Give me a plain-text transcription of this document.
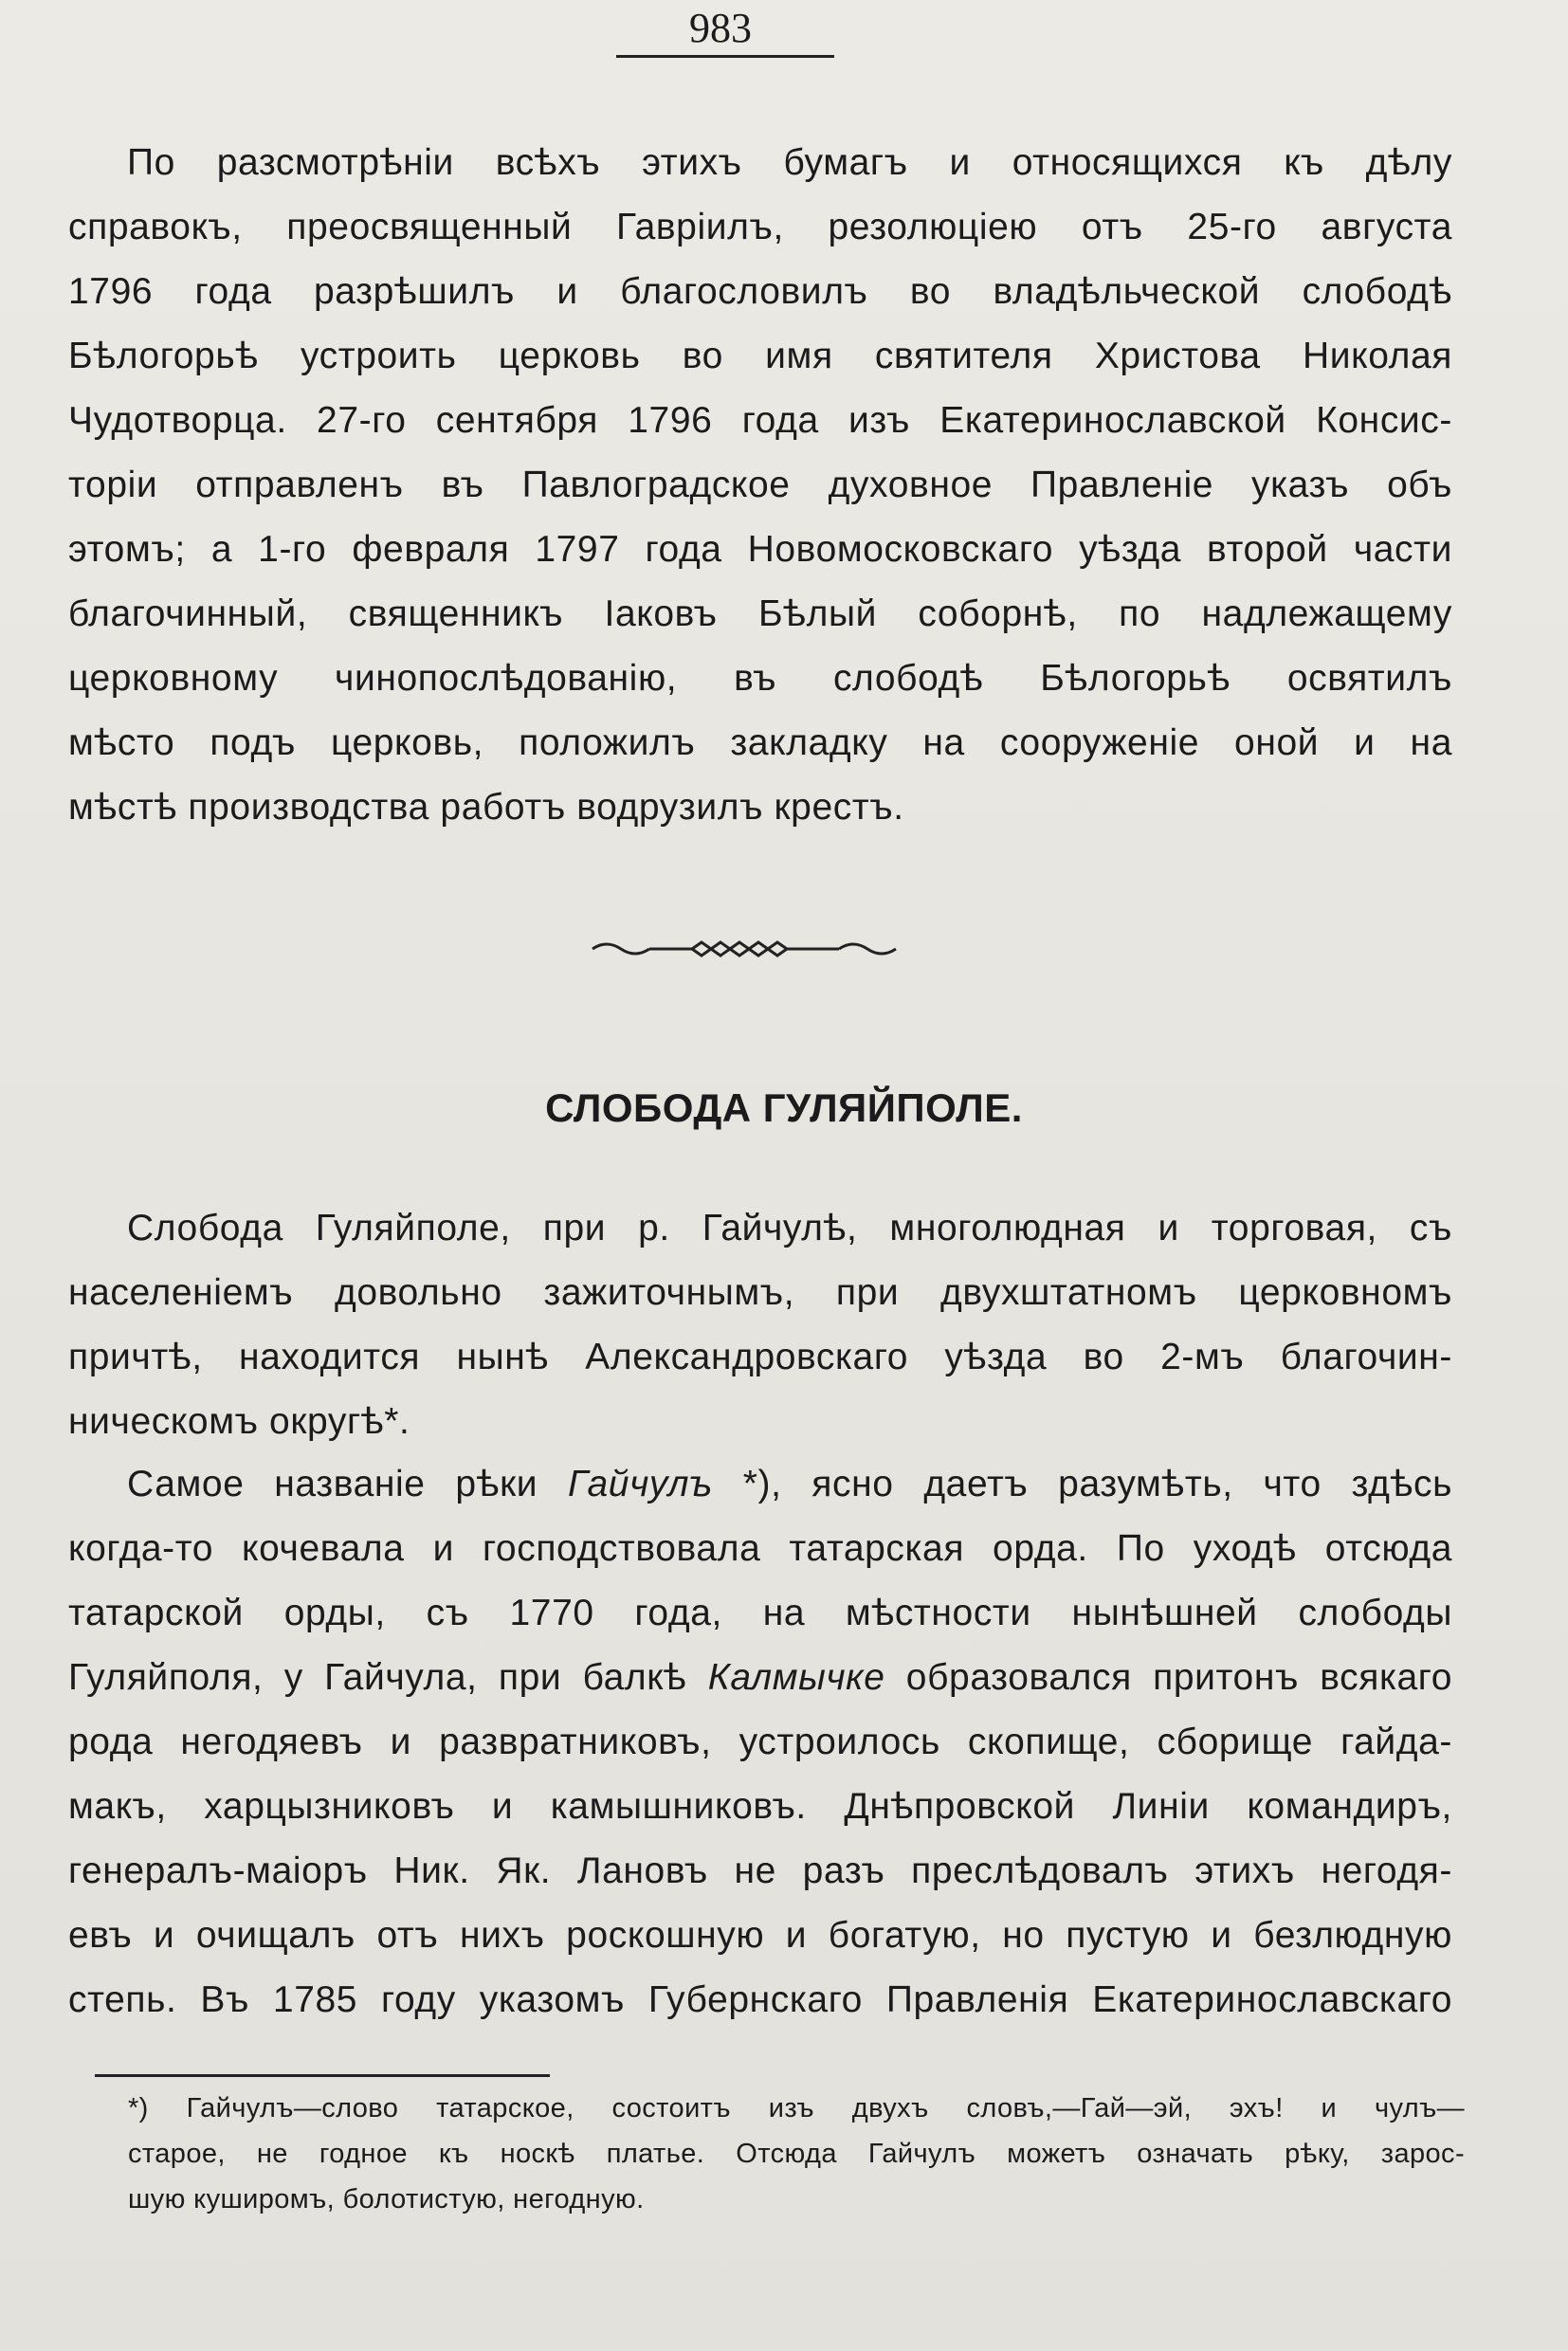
983
По разсмотрѣніи всѣхъ этихъ бумагъ и относящихся къ дѣлу
справокъ, преосвященный Гавріилъ, резолюціею отъ 25-го августа
1796 года разрѣшилъ и благословилъ во владѣльческой слободѣ
Бѣлогорьѣ устроить церковь во имя святителя Христова Николая
Чудотворца. 27-го сентября 1796 года изъ Екатеринославской Консис-
торіи отправленъ въ Павлоградское духовное Правленіе указъ объ
этомъ; а 1-го февраля 1797 года Новомосковскаго уѣзда второй части
благочинный, священникъ Іаковъ Бѣлый соборнѣ, по надлежащему
церковному чинопослѣдованію, въ слободѣ Бѣлогорьѣ освятилъ
мѣсто подъ церковь, положилъ закладку на сооруженіе оной и на
мѣстѣ производства работъ водрузилъ крестъ.
СЛОБОДА ГУЛЯЙПОЛЕ.
Слобода Гуляйполе, при р. Гайчулѣ, многолюдная и торговая, съ
населеніемъ довольно зажиточнымъ, при двухштатномъ церковномъ
причтѣ, находится нынѣ Александровскаго уѣзда во 2-мъ благочин-
ническомъ округѣ*.
Самое названіе рѣки Гайчулъ *), ясно даетъ разумѣть, что здѣсь
когда-то кочевала и господствовала татарская орда. По уходѣ отсюда
татарской орды, съ 1770 года, на мѣстности нынѣшней слободы
Гуляйполя, у Гайчула, при балкѣ Калмычке образовался притонъ всякаго
рода негодяевъ и развратниковъ, устроилось скопище, сборище гайда-
макъ, харцызниковъ и камышниковъ. Днѣпровской Линіи командиръ,
генералъ-маіоръ Ник. Як. Лановъ не разъ преслѣдовалъ этихъ негодя-
евъ и очищалъ отъ нихъ роскошную и богатую, но пустую и безлюдную
степь. Въ 1785 году указомъ Губернскаго Правленія Екатеринославскаго
*) Гайчулъ—слово татарское, состоитъ изъ двухъ словъ,—Гай—эй, эхъ! и чулъ—
старое, не годное къ носкѣ платье. Отсюда Гайчулъ можетъ означать рѣку, зарос-
шую куширомъ, болотистую, негодную.
